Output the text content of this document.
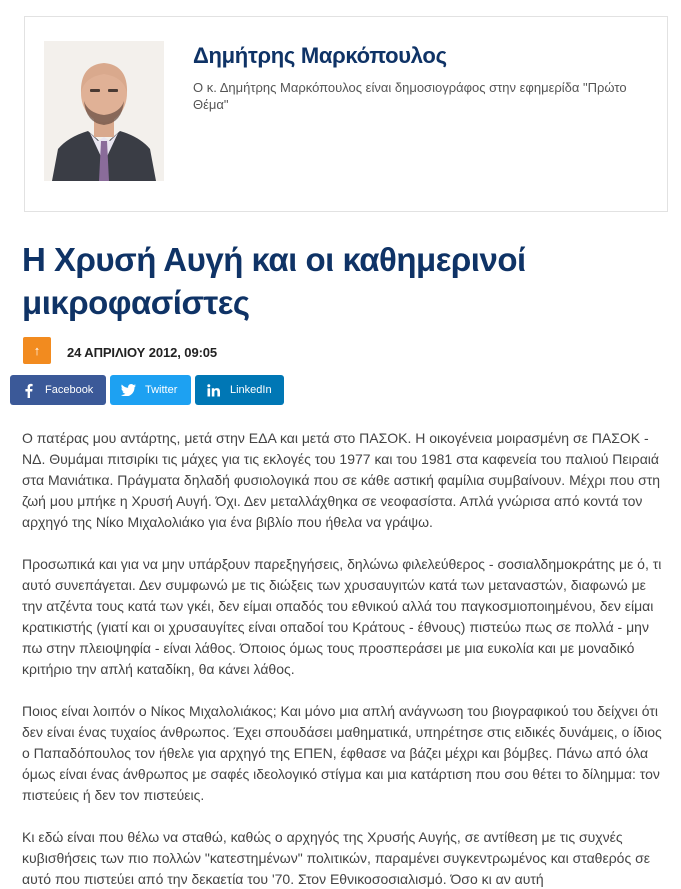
Δημήτρης Μαρκόπουλος
Ο κ. Δημήτρης Μαρκόπουλος είναι δημοσιογράφος στην εφημερίδα "Πρώτο Θέμα"
Η Χρυσή Αυγή και οι καθημερινοί μικροφασίστες
↑ 24 ΑΠΡΙΛΙΟΥ 2012, 09:05
Facebook	Twitter	LinkedIn

Ο πατέρας μου αντάρτης, μετά στην ΕΔΑ και μετά στο ΠΑΣΟΚ. Η οικογένεια μοιρασμένη σε ΠΑΣΟΚ - ΝΔ. Θυμάμαι πιτσιρίκι τις μάχες για τις εκλογές του 1977 και του 1981 στα καφενεία του παλιού Πειραιά στα Μανιάτικα. Πράγματα δηλαδή φυσιολογικά που σε κάθε αστική φαμίλια συμβαίνουν. Μέχρι που στη ζωή μου μπήκε η Χρυσή Αυγή. Όχι. Δεν μεταλλάχθηκα σε νεοφασίστα. Απλά γνώρισα από κοντά τον αρχηγό της Νίκο Μιχαλολιάκο για ένα βιβλίο που ήθελα να γράψω.

Προσωπικά και για να μην υπάρξουν παρεξηγήσεις, δηλώνω φιλελεύθερος - σοσιαλδημοκράτης με ό, τι αυτό συνεπάγεται. Δεν συμφωνώ με τις διώξεις των χρυσαυγιτών κατά των μεταναστών, διαφωνώ με την ατζέντα τους κατά των γκέι, δεν είμαι οπαδός του εθνικού αλλά του παγκοσμιοποιημένου, δεν είμαι κρατικιστής (γιατί και οι χρυσαυγίτες είναι οπαδοί του Κράτους - έθνους) πιστεύω πως σε πολλά - μην πω στην πλειοψηφία - είναι λάθος. Όποιος όμως τους προσπεράσει με μια ευκολία και με μοναδικό κριτήριο την απλή καταδίκη, θα κάνει λάθος.

Ποιος είναι λοιπόν ο Νίκος Μιχαλολιάκος; Και μόνο μια απλή ανάγνωση του βιογραφικού του δείχνει ότι δεν είναι ένας τυχαίος άνθρωπος. Έχει σπουδάσει μαθηματικά, υπηρέτησε στις ειδικές δυνάμεις, ο ίδιος ο Παπαδόπουλος τον ήθελε για αρχηγό της ΕΠΕΝ, έφθασε να βάζει μέχρι και βόμβες. Πάνω από όλα όμως είναι ένας άνθρωπος με σαφές ιδεολογικό στίγμα και μια κατάρτιση που σου θέτει το δίλημμα: τον πιστεύεις ή δεν τον πιστεύεις.

Κι εδώ είναι που θέλω να σταθώ, καθώς ο αρχηγός της Χρυσής Αυγής, σε αντίθεση με τις συχνές κυβισθήσεις των πιο πολλών "κατεστημένων" πολιτικών, παραμένει συγκεντρωμένος και σταθερός σε αυτό που πιστεύει από την δεκαετία του '70. Στον Εθνικοσοσιαλισμό. Όσο κι αν αυτή
